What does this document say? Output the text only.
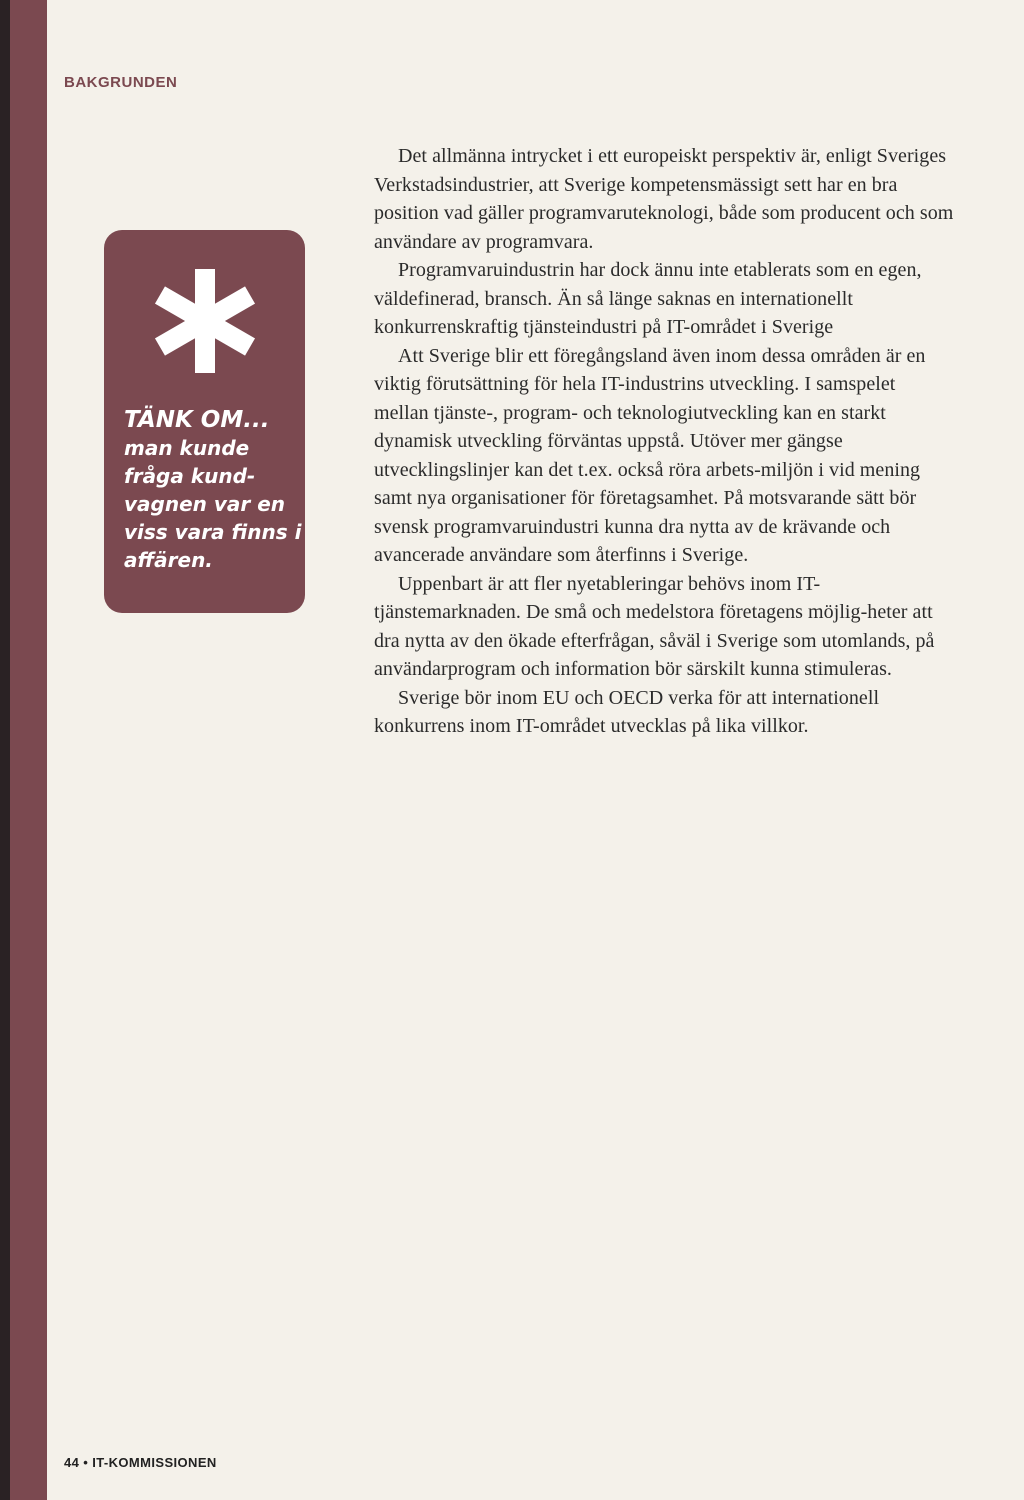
BAKGRUNDEN

TÄNK OM...
man kunde fråga kund-vagnen var en viss vara finns i affären.

Det allmänna intrycket i ett europeiskt perspektiv är, enligt Sveriges Verkstadsindustrier, att Sverige kompetensmässigt sett har en bra position vad gäller programvaruteknologi, både som producent och som användare av programvara.

Programvaruindustrin har dock ännu inte etablerats som en egen, väldefinerad, bransch. Än så länge saknas en internationellt konkurrenskraftig tjänsteindustri på IT-området i Sverige

Att Sverige blir ett föregångsland även inom dessa områden är en viktig förutsättning för hela IT-industrins utveckling. I samspelet mellan tjänste-, program- och teknologiutveckling kan en starkt dynamisk utveckling förväntas uppstå. Utöver mer gängse utvecklingslinjer kan det t.ex. också röra arbets-miljön i vid mening samt nya organisationer för företagsamhet. På motsvarande sätt bör svensk programvaruindustri kunna dra nytta av de krävande och avancerade användare som återfinns i Sverige.

Uppenbart är att fler nyetableringar behövs inom IT-tjänstemarknaden. De små och medelstora företagens möjlig-heter att dra nytta av den ökade efterfrågan, såväl i Sverige som utomlands, på användarprogram och information bör särskilt kunna stimuleras.

Sverige bör inom EU och OECD verka för att internationell konkurrens inom IT-området utvecklas på lika villkor.

44 • IT-KOMMISSIONEN
